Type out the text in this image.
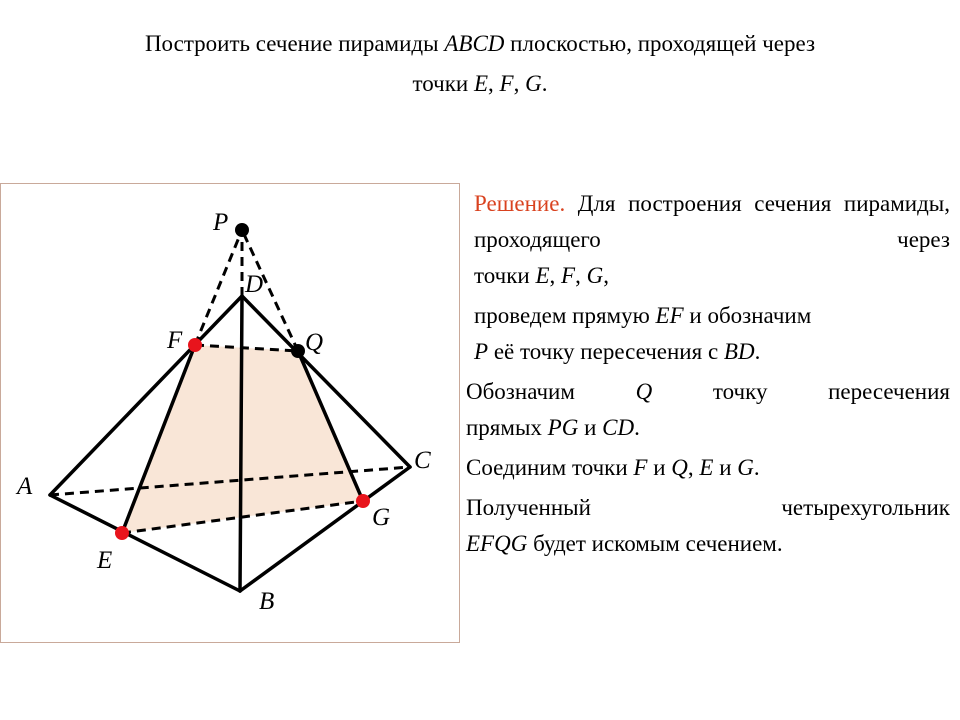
Построить сечение пирамиды ABCD плоскостью, проходящей через
точки E, F, G.
P
D
F	Q
C
A
E
G
B

Решение. Для построения сечения пирамиды, проходящего через

точки E, F, G,

проведем прямую EF и обозначим
P её точку пересечения с BD.

Обозначим Q точку пересечения

прямых PG и CD.

Соединим точки F и Q, E и G.

Полученный четырехугольник

EFQG будет искомым сечением.
